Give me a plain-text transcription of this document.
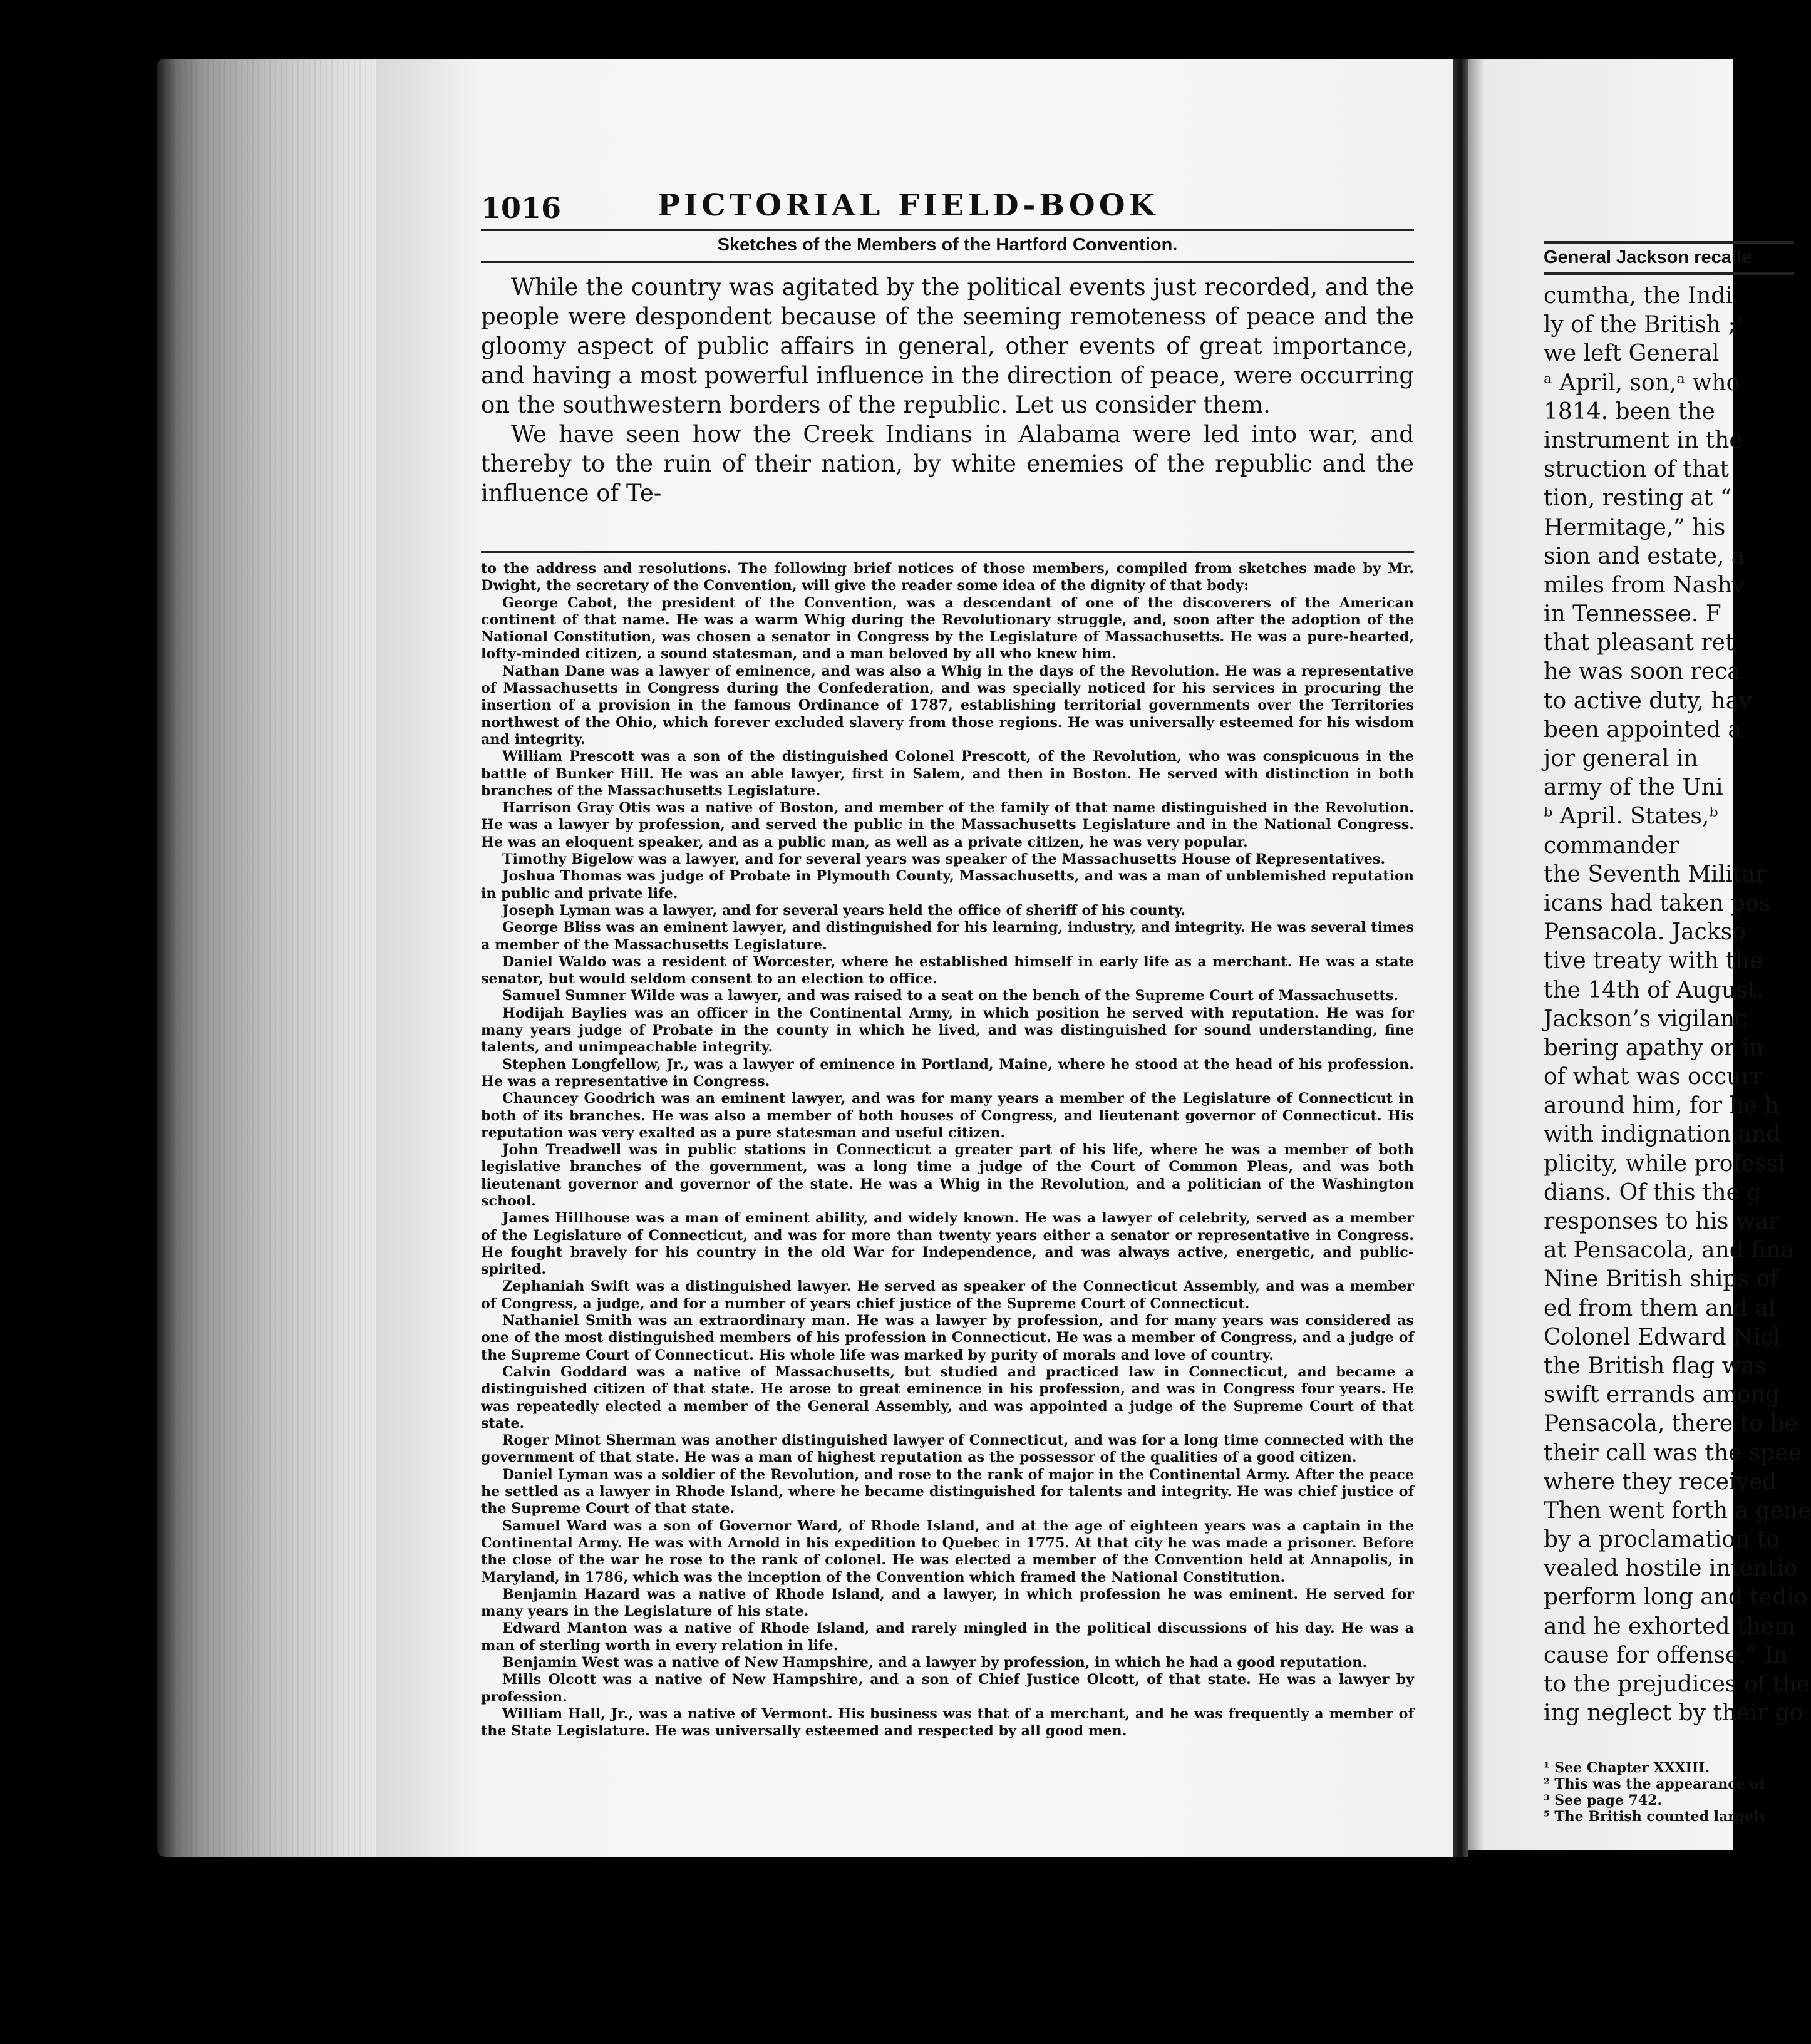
1016	PICTORIAL FIELD-BOOK
Sketches of the Members of the Hartford Convention.

While the country was agitated by the political events just recorded, and the people were despondent because of the seeming remoteness of peace and the gloomy aspect of public affairs in general, other events of great importance, and having a most powerful influence in the direction of peace, were occurring on the southwestern borders of the republic. Let us consider them.

We have seen how the Creek Indians in Alabama were led into war, and thereby to the ruin of their nation, by white enemies of the republic and the influence of Te-

to the address and resolutions. The following brief notices of those members, compiled from sketches made by Mr. Dwight, the secretary of the Convention, will give the reader some idea of the dignity of that body:

George Cabot, the president of the Convention, was a descendant of one of the discoverers of the American continent of that name. He was a warm Whig during the Revolutionary struggle, and, soon after the adoption of the National Constitution, was chosen a senator in Congress by the Legislature of Massachusetts. He was a pure-hearted, lofty-minded citizen, a sound statesman, and a man beloved by all who knew him.

Nathan Dane was a lawyer of eminence, and was also a Whig in the days of the Revolution. He was a representative of Massachusetts in Congress during the Confederation, and was specially noticed for his services in procuring the insertion of a provision in the famous Ordinance of 1787, establishing territorial governments over the Territories northwest of the Ohio, which forever excluded slavery from those regions. He was universally esteemed for his wisdom and integrity.

William Prescott was a son of the distinguished Colonel Prescott, of the Revolution, who was conspicuous in the battle of Bunker Hill. He was an able lawyer, first in Salem, and then in Boston. He served with distinction in both branches of the Massachusetts Legislature.

Harrison Gray Otis was a native of Boston, and member of the family of that name distinguished in the Revolution. He was a lawyer by profession, and served the public in the Massachusetts Legislature and in the National Congress. He was an eloquent speaker, and as a public man, as well as a private citizen, he was very popular.

Timothy Bigelow was a lawyer, and for several years was speaker of the Massachusetts House of Representatives.

Joshua Thomas was judge of Probate in Plymouth County, Massachusetts, and was a man of unblemished reputation in public and private life.

Joseph Lyman was a lawyer, and for several years held the office of sheriff of his county.

George Bliss was an eminent lawyer, and distinguished for his learning, industry, and integrity. He was several times a member of the Massachusetts Legislature.

Daniel Waldo was a resident of Worcester, where he established himself in early life as a merchant. He was a state senator, but would seldom consent to an election to office.

Samuel Sumner Wilde was a lawyer, and was raised to a seat on the bench of the Supreme Court of Massachusetts.

Hodijah Baylies was an officer in the Continental Army, in which position he served with reputation. He was for many years judge of Probate in the county in which he lived, and was distinguished for sound understanding, fine talents, and unimpeachable integrity.

Stephen Longfellow, Jr., was a lawyer of eminence in Portland, Maine, where he stood at the head of his profession. He was a representative in Congress.

Chauncey Goodrich was an eminent lawyer, and was for many years a member of the Legislature of Connecticut in both of its branches. He was also a member of both houses of Congress, and lieutenant governor of Connecticut. His reputation was very exalted as a pure statesman and useful citizen.

John Treadwell was in public stations in Connecticut a greater part of his life, where he was a member of both legislative branches of the government, was a long time a judge of the Court of Common Pleas, and was both lieutenant governor and governor of the state. He was a Whig in the Revolution, and a politician of the Washington school.

James Hillhouse was a man of eminent ability, and widely known. He was a lawyer of celebrity, served as a member of the Legislature of Connecticut, and was for more than twenty years either a senator or representative in Congress. He fought bravely for his country in the old War for Independence, and was always active, energetic, and public-spirited.

Zephaniah Swift was a distinguished lawyer. He served as speaker of the Connecticut Assembly, and was a member of Congress, a judge, and for a number of years chief justice of the Supreme Court of Connecticut.

Nathaniel Smith was an extraordinary man. He was a lawyer by profession, and for many years was considered as one of the most distinguished members of his profession in Connecticut. He was a member of Congress, and a judge of the Supreme Court of Connecticut. His whole life was marked by purity of morals and love of country.

Calvin Goddard was a native of Massachusetts, but studied and practiced law in Connecticut, and became a distinguished citizen of that state. He arose to great eminence in his profession, and was in Congress four years. He was repeatedly elected a member of the General Assembly, and was appointed a judge of the Supreme Court of that state.

Roger Minot Sherman was another distinguished lawyer of Connecticut, and was for a long time connected with the government of that state. He was a man of highest reputation as the possessor of the qualities of a good citizen.

Daniel Lyman was a soldier of the Revolution, and rose to the rank of major in the Continental Army. After the peace he settled as a lawyer in Rhode Island, where he became distinguished for talents and integrity. He was chief justice of the Supreme Court of that state.

Samuel Ward was a son of Governor Ward, of Rhode Island, and at the age of eighteen years was a captain in the Continental Army. He was with Arnold in his expedition to Quebec in 1775. At that city he was made a prisoner. Before the close of the war he rose to the rank of colonel. He was elected a member of the Convention held at Annapolis, in Maryland, in 1786, which was the inception of the Convention which framed the National Constitution.

Benjamin Hazard was a native of Rhode Island, and a lawyer, in which profession he was eminent. He served for many years in the Legislature of his state.

Edward Manton was a native of Rhode Island, and rarely mingled in the political discussions of his day. He was a man of sterling worth in every relation in life.

Benjamin West was a native of New Hampshire, and a lawyer by profession, in which he had a good reputation.

Mills Olcott was a native of New Hampshire, and a son of Chief Justice Olcott, of that state. He was a lawyer by profession.

William Hall, Jr., was a native of Vermont. His business was that of a merchant, and he was frequently a member of the State Legislature. He was universally esteemed and respected by all good men.

General Jackson recalle
cumtha, the Indi
ly of the British ;¹
we left General
ᵃ April, son,ᵃ who
1814. been the
instrument in the
struction of that
tion, resting at “
Hermitage,” his
sion and estate, a
miles from Nashv
in Tennessee. F
that pleasant ret
he was soon reca
to active duty, hav
been appointed a
jor general in
army of the Uni
ᵇ April. States,ᵇ
commander
the Seventh Militar
icans had taken pos
Pensacola. Jackso
tive treaty with the
the 14th of August.
Jackson’s vigilanc
bering apathy or in
of what was occurr
around him, for he h
with indignation and
plicity, while professi
dians. Of this the g
responses to his war
at Pensacola, and fina
Nine British ships of
ed from them and al
Colonel Edward Nicl
the British flag was
swift errands among
Pensacola, there to be
their call was the spee
where they received
Then went forth a gene
by a proclamation to
vealed hostile intentio
perform long and tedio
and he exhorted them
cause for offense.” In
to the prejudices of the
ing neglect by their go
¹ See Chapter XXXIII.
² This was the appearance of
³ See page 742.
⁵ The British counted largely
